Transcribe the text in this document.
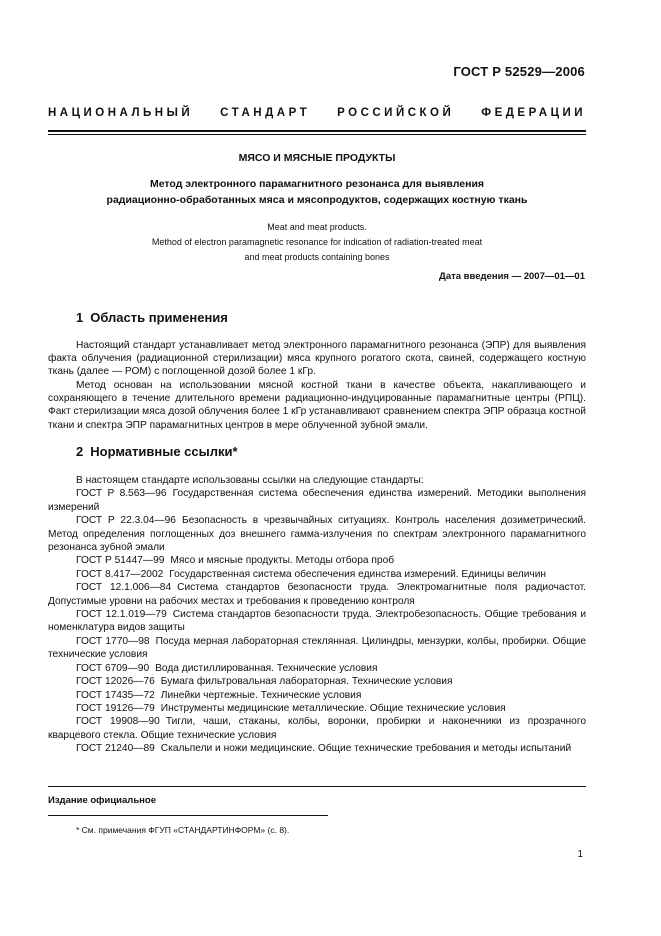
ГОСТ Р 52529—2006
НАЦИОНАЛЬНЫЙ СТАНДАРТ РОССИЙСКОЙ ФЕДЕРАЦИИ
МЯСО И МЯСНЫЕ ПРОДУКТЫ
Метод электронного парамагнитного резонанса для выявления
радиационно-обработанных мяса и мясопродуктов, содержащих костную ткань
Meat and meat products.
Method of electron paramagnetic resonance for indication of radiation-treated meat
and meat products containing bones
Дата введения — 2007—01—01
1 Область применения

Настоящий стандарт устанавливает метод электронного парамагнитного резонанса (ЭПР) для выявления факта облучения (радиационной стерилизации) мяса крупного рогатого скота, свиней, содержащего костную ткань (далее — РОМ) с поглощенной дозой более 1 кГр.

Метод основан на использовании мясной костной ткани в качестве объекта, накапливающего и сохраняющего в течение длительного времени радиационно-индуцированные парамагнитные центры (РПЦ). Факт стерилизации мяса дозой облучения более 1 кГр устанавливают сравнением спектра ЭПР образца костной ткани и спектра ЭПР парамагнитных центров в мере облученной зубной эмали.

2 Нормативные ссылки*

В настоящем стандарте использованы ссылки на следующие стандарты:

ГОСТ Р 8.563—96 Государственная система обеспечения единства измерений. Методики выполнения измерений

ГОСТ Р 22.3.04—96 Безопасность в чрезвычайных ситуациях. Контроль населения дозиметрический. Метод определения поглощенных доз внешнего гамма-излучения по спектрам электронного парамагнитного резонанса зубной эмали

ГОСТ Р 51447—99 Мясо и мясные продукты. Методы отбора проб

ГОСТ 8.417—2002 Государственная система обеспечения единства измерений. Единицы величин

ГОСТ 12.1.006—84 Система стандартов безопасности труда. Электромагнитные поля радиочастот. Допустимые уровни на рабочих местах и требования к проведению контроля

ГОСТ 12.1.019—79 Система стандартов безопасности труда. Электробезопасность. Общие требования и номенклатура видов защиты

ГОСТ 1770—98 Посуда мерная лабораторная стеклянная. Цилиндры, мензурки, колбы, пробирки. Общие технические условия

ГОСТ 6709—90 Вода дистиллированная. Технические условия

ГОСТ 12026—76 Бумага фильтровальная лабораторная. Технические условия

ГОСТ 17435—72 Линейки чертежные. Технические условия

ГОСТ 19126—79 Инструменты медицинские металлические. Общие технические условия

ГОСТ 19908—90 Тигли, чаши, стаканы, колбы, воронки, пробирки и наконечники из прозрачного кварцевого стекла. Общие технические условия

ГОСТ 21240—89 Скальпели и ножи медицинские. Общие технические требования и методы испытаний

Издание официальное
* См. примечания ФГУП «СТАНДАРТИНФОРМ» (с. 8).
1
